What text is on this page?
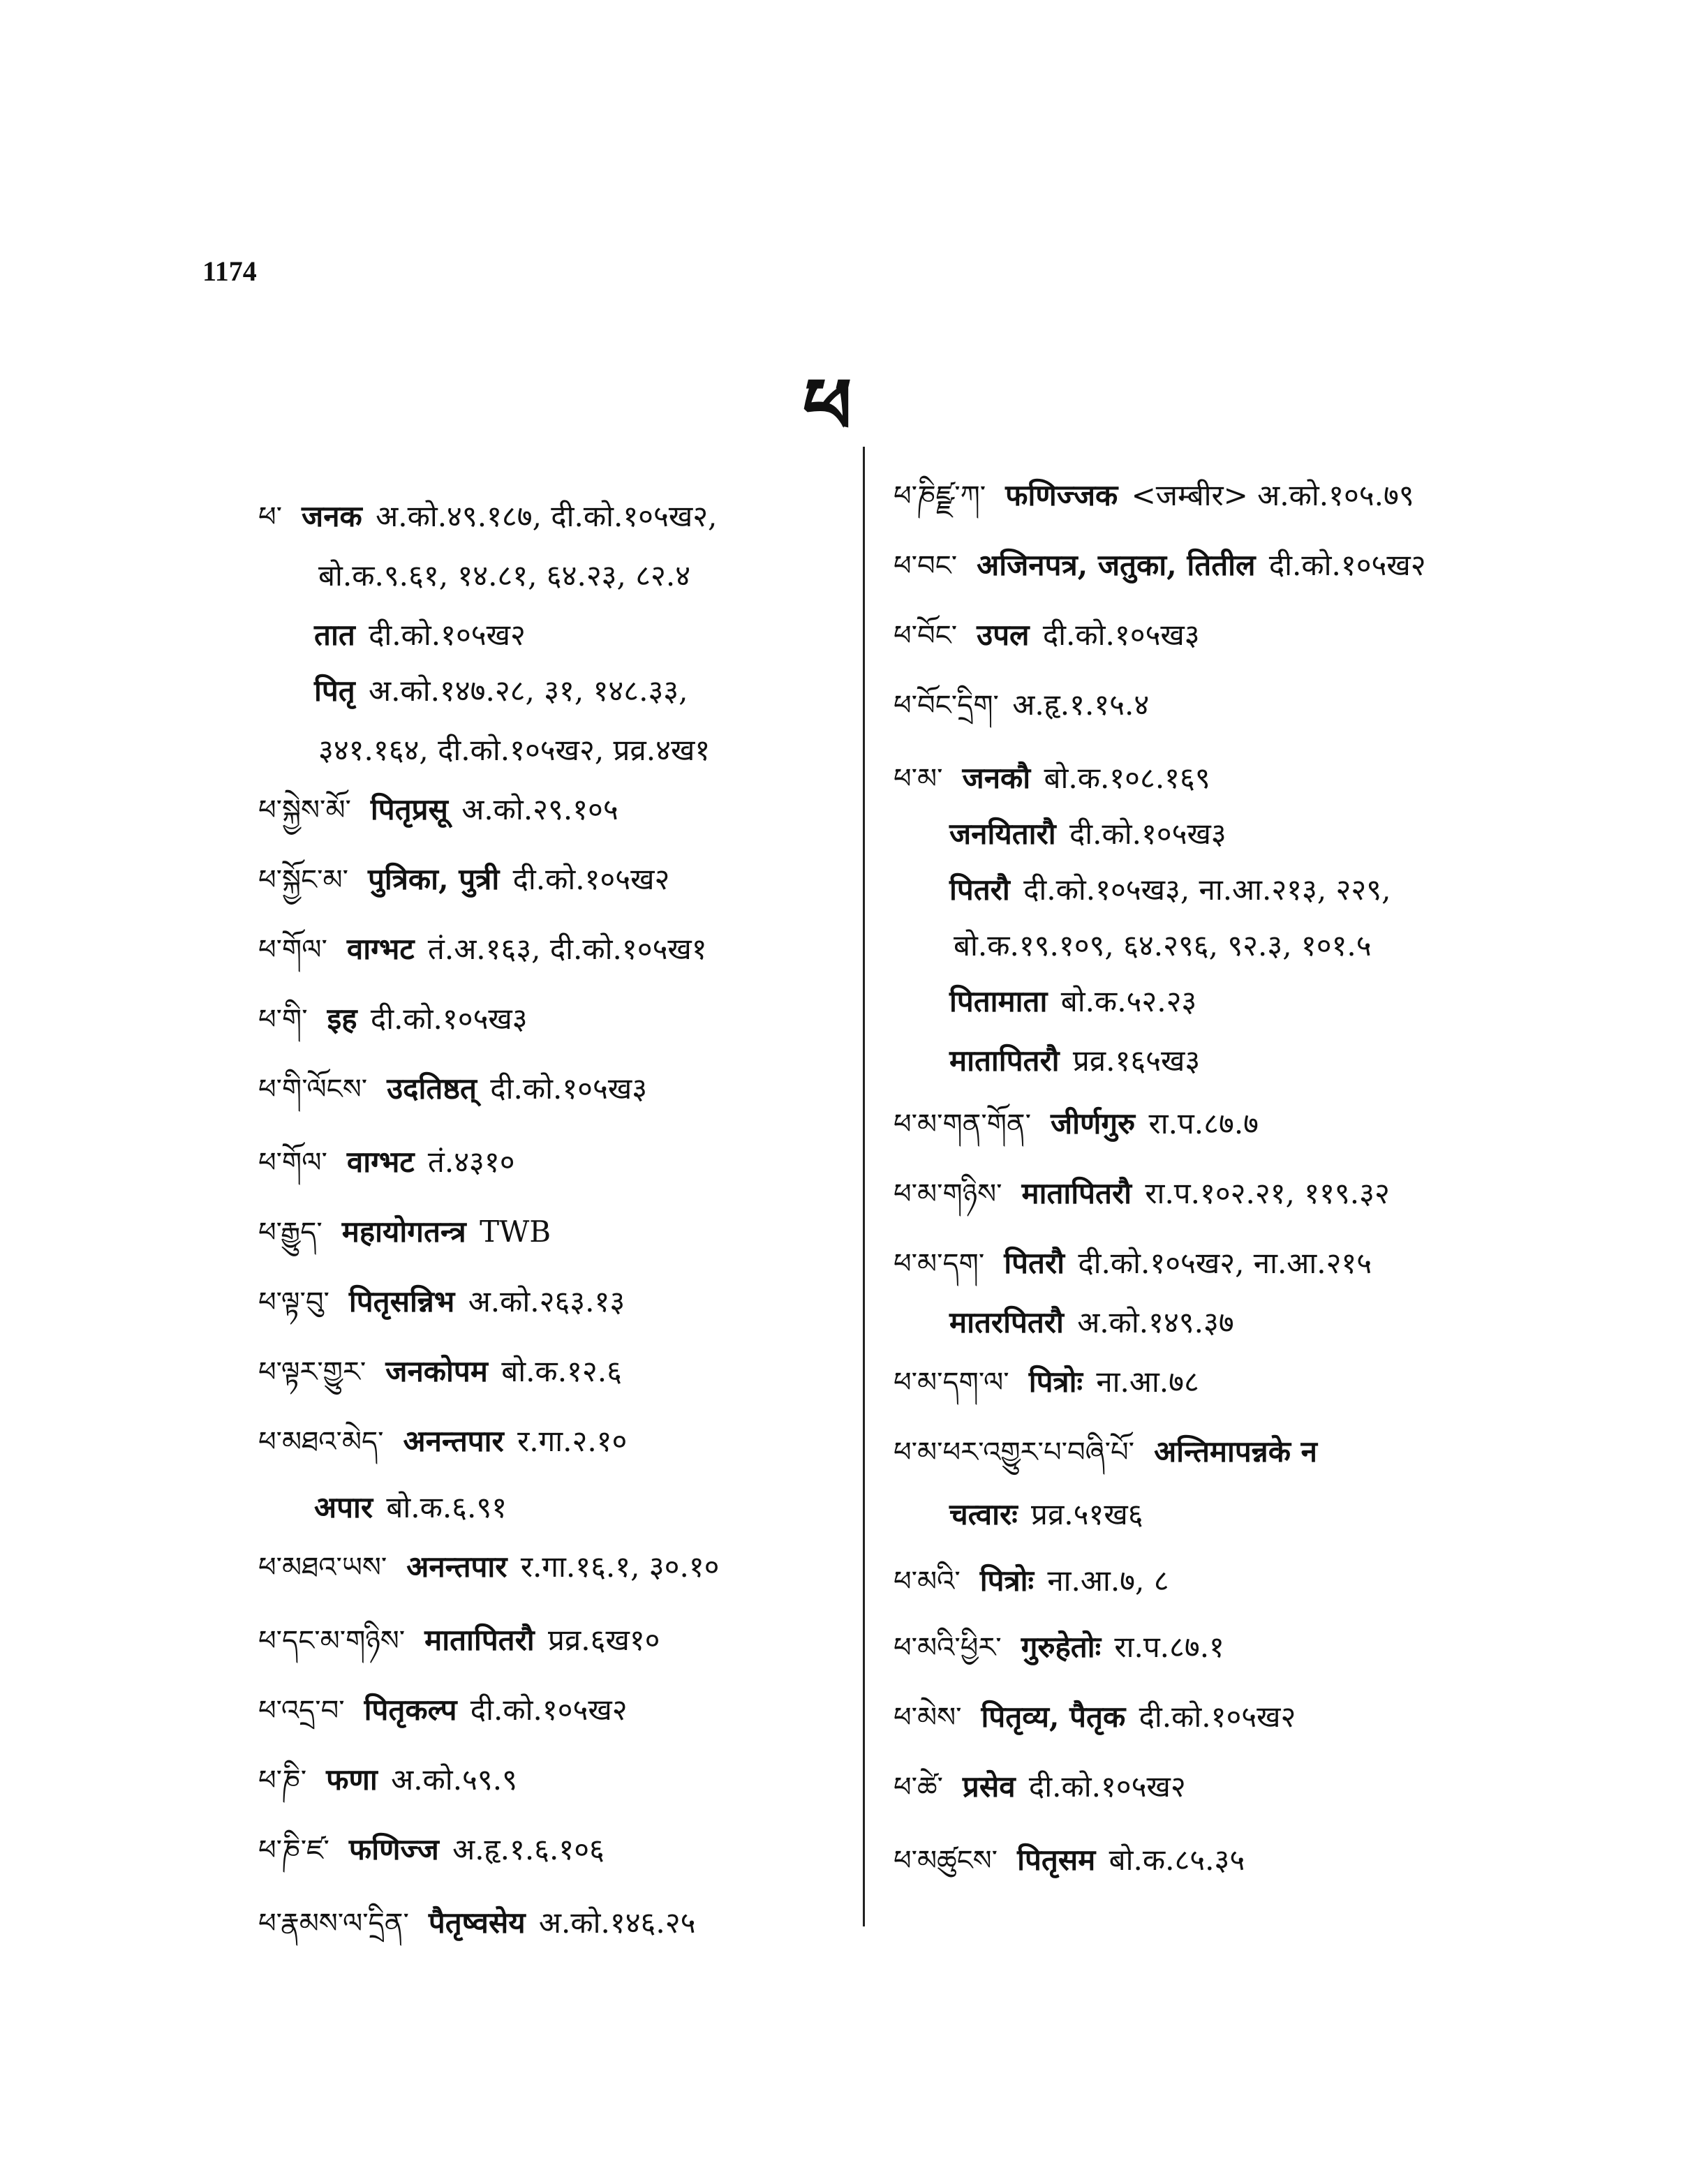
1174
ཕ
ཕ་ जनक अ.को.४९.१८७, दी.को.१०५ख२,
बो.क.९.६१, १४.८१, ६४.२३, ८२.४
तात दी.को.१०५ख२
पितृ अ.को.१४७.२८, ३१, १४८.३३,
३४१.१६४, दी.को.१०५ख२, प्रव्र.४ख१
ཕ་སྐྱེས་མོ་ पितृप्रसू अ.को.२९.१०५
ཕ་སྐྱོང་མ་ पुत्रिका, पुत्री दी.को.१०५ख२
ཕ་གོལ་ वाग्भट तं.अ.१६३, दी.को.१०५ख१
ཕ་གི་ इह दी.को.१०५ख३
ཕ་གི་ལོངས་ उदतिष्ठत् दी.को.१०५ख३
ཕ་གོལ་ वाग्भट तं.४३१०
ཕ་རྒྱུད་ महायोगतन्त्र TWB
ཕ་ལྟ་བུ་ पितृसन्निभ अ.को.२६३.१३
ཕ་ལྟར་གྱུར་ जनकोपम बो.क.१२.६
ཕ་མཐའ་མེད་ अनन्तपार र.गा.२.१०
अपार बो.क.६.९१
ཕ་མཐའ་ཡས་ अनन्तपार र.गा.१६.१, ३०.१०
ཕ་དང་མ་གཉིས་ मातापितरौ प्रव्र.६ख१०
ཕ་འདྲ་བ་ पितृकल्प दी.को.१०५ख२
ཕ་ཎི་ फणा अ.को.५९.९
ཕ་ཎི་ཛ་ फणिज्ज अ.हृ.१.६.१०६
ཕ་རྣམས་ལ་དྲིན་ पैतृष्वसेय अ.को.१४६.२५
ཕ་ཎིཛྫ་ཀ་ फणिज्जक <जम्बीर> अ.को.१०५.७९
ཕ་བང་ अजिनपत्र, जतुका, तितील दी.को.१०५ख२
ཕ་བོང་ उपल दी.को.१०५ख३
ཕ་བོང་དྲིག་ अ.हृ.१.१५.४
ཕ་མ་ जनकौ बो.क.१०८.१६९
जनयितारौ दी.को.१०५ख३
पितरौ दी.को.१०५ख३, ना.आ.२१३, २२९,
बो.क.१९.१०९, ६४.२९६, ९२.३, १०१.५
पितामाता बो.क.५२.२३
मातापितरौ प्रव्र.१६५ख३
ཕ་མ་གན་གོན་ जीर्णगुरु रा.प.८७.७
ཕ་མ་གཉིས་ मातापितरौ रा.प.१०२.२१, ११९.३२
ཕ་མ་དག་ पितरौ दी.को.१०५ख२, ना.आ.२१५
मातरपितरौ अ.को.१४९.३७
ཕ་མ་དག་ལ་ पित्रोः ना.आ.७८
ཕ་མ་ཕར་འགྱུར་པ་བཞི་པོ་ अन्तिमापन्नके न
चत्वारः प्रव्र.५१ख६
ཕ་མའི་ पित्रोः ना.आ.७, ८
ཕ་མའི་ཕྱིར་ गुरुहेतोः रा.प.८७.१
ཕ་མེས་ पितृव्य, पैतृक दी.को.१०५ख२
ཕ་ཚེ་ प्रसेव दी.को.१०५ख२
ཕ་མཚུངས་ पितृसम बो.क.८५.३५
